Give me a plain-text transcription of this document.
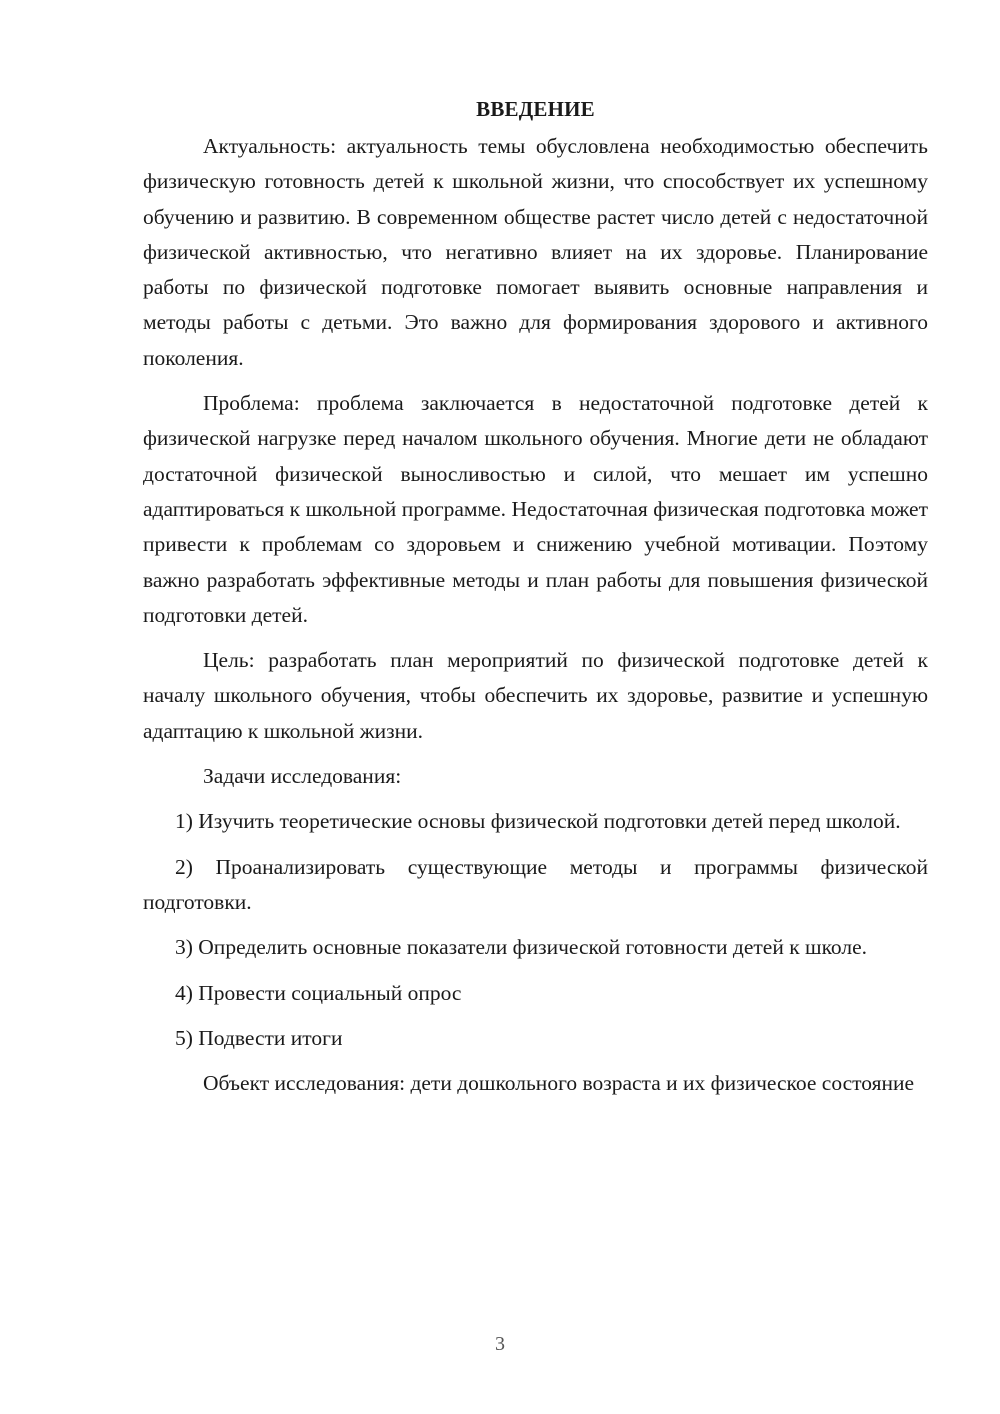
ВВЕДЕНИЕ

Актуальность: актуальность темы обусловлена необходимостью обеспечить физическую готовность детей к школьной жизни, что способствует их успешному обучению и развитию. В современном обществе растет число детей с недостаточной физической активностью, что негативно влияет на их здоровье. Планирование работы по физической подготовке помогает выявить основные направления и методы работы с детьми. Это важно для формирования здорового и активного поколения.

Проблема: проблема заключается в недостаточной подготовке детей к физической нагрузке перед началом школьного обучения. Многие дети не обладают достаточной физической выносливостью и силой, что мешает им успешно адаптироваться к школьной программе. Недостаточная физическая подготовка может привести к проблемам со здоровьем и снижению учебной мотивации. Поэтому важно разработать эффективные методы и план работы для повышения физической подготовки детей.

Цель: разработать план мероприятий по физической подготовке детей к началу школьного обучения, чтобы обеспечить их здоровье, развитие и успешную адаптацию к школьной жизни.

Задачи исследования:

1) Изучить теоретические основы физической подготовки детей перед школой.

2) Проанализировать существующие методы и программы физической подготовки.

3) Определить основные показатели физической готовности детей к школе.

4) Провести социальный опрос

5) Подвести итоги

Объект исследования: дети дошкольного возраста и их физическое состояние

3
